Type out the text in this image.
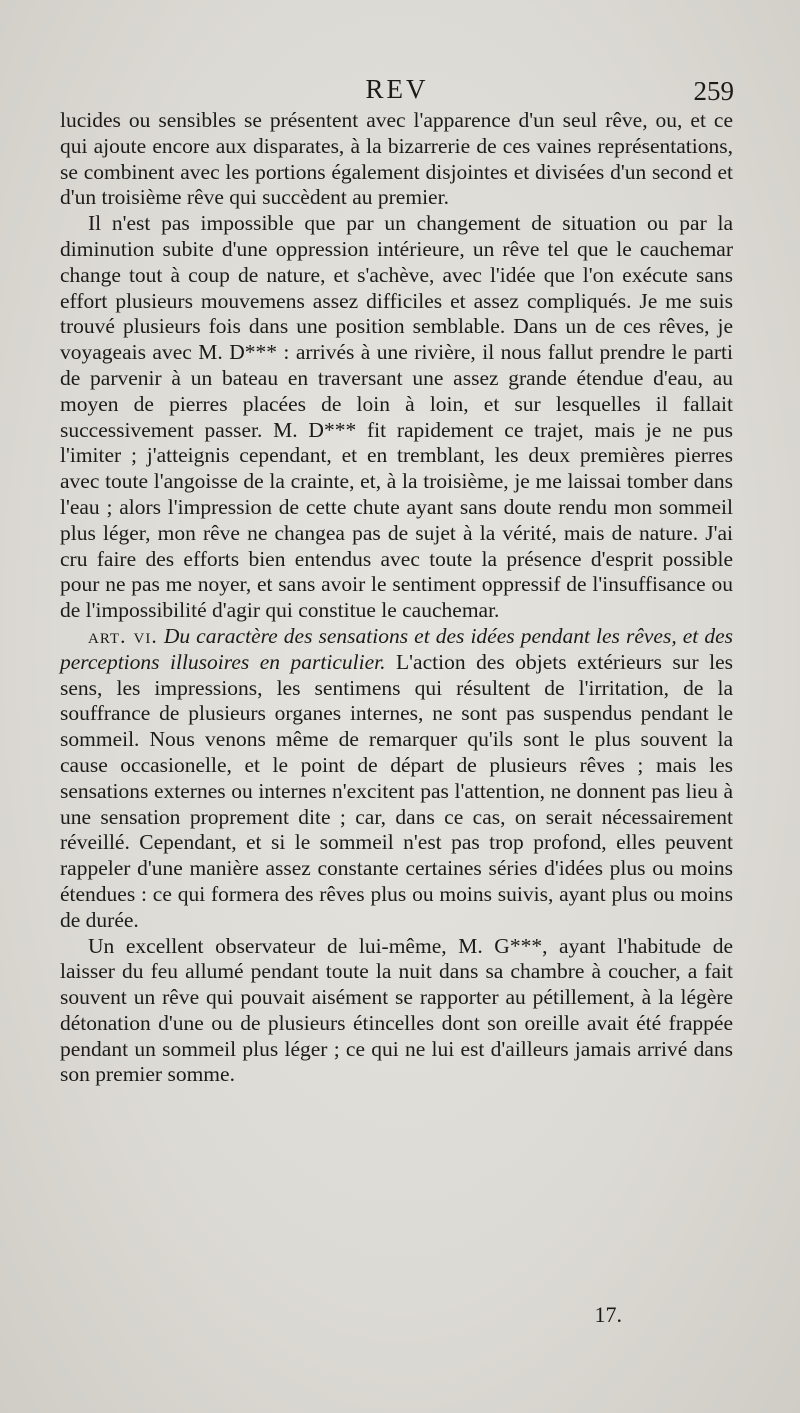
REV	259

lucides ou sensibles se présentent avec l'apparence d'un seul rêve, ou, et ce qui ajoute encore aux disparates, à la bizarrerie de ces vaines représentations, se combinent avec les portions également disjointes et divisées d'un second et d'un troisième rêve qui succèdent au premier.

Il n'est pas impossible que par un changement de situation ou par la diminution subite d'une oppression intérieure, un rêve tel que le cauchemar change tout à coup de nature, et s'achève, avec l'idée que l'on exécute sans effort plusieurs mouvemens assez difficiles et assez compliqués. Je me suis trouvé plusieurs fois dans une position semblable. Dans un de ces rêves, je voyageais avec M. D*** : arrivés à une rivière, il nous fallut prendre le parti de parvenir à un bateau en traversant une assez grande étendue d'eau, au moyen de pierres placées de loin à loin, et sur lesquelles il fallait successivement passer. M. D*** fit rapidement ce trajet, mais je ne pus l'imiter ; j'atteignis cependant, et en tremblant, les deux premières pierres avec toute l'angoisse de la crainte, et, à la troisième, je me laissai tomber dans l'eau ; alors l'impression de cette chute ayant sans doute rendu mon sommeil plus léger, mon rêve ne changea pas de sujet à la vérité, mais de nature. J'ai cru faire des efforts bien entendus avec toute la présence d'esprit possible pour ne pas me noyer, et sans avoir le sentiment oppressif de l'insuffisance ou de l'impossibilité d'agir qui constitue le cauchemar.

art. vi. Du caractère des sensations et des idées pendant les rêves, et des perceptions illusoires en particulier. L'action des objets extérieurs sur les sens, les impressions, les sentimens qui résultent de l'irritation, de la souffrance de plusieurs organes internes, ne sont pas suspendus pendant le sommeil. Nous venons même de remarquer qu'ils sont le plus souvent la cause occasionelle, et le point de départ de plusieurs rêves ; mais les sensations externes ou internes n'excitent pas l'attention, ne donnent pas lieu à une sensation proprement dite ; car, dans ce cas, on serait nécessairement réveillé. Cependant, et si le sommeil n'est pas trop profond, elles peuvent rappeler d'une manière assez constante certaines séries d'idées plus ou moins étendues : ce qui formera des rêves plus ou moins suivis, ayant plus ou moins de durée.

Un excellent observateur de lui-même, M. G***, ayant l'habitude de laisser du feu allumé pendant toute la nuit dans sa chambre à coucher, a fait souvent un rêve qui pouvait aisément se rapporter au pétillement, à la légère détonation d'une ou de plusieurs étincelles dont son oreille avait été frappée pendant un sommeil plus léger ; ce qui ne lui est d'ailleurs jamais arrivé dans son premier somme.

17.
